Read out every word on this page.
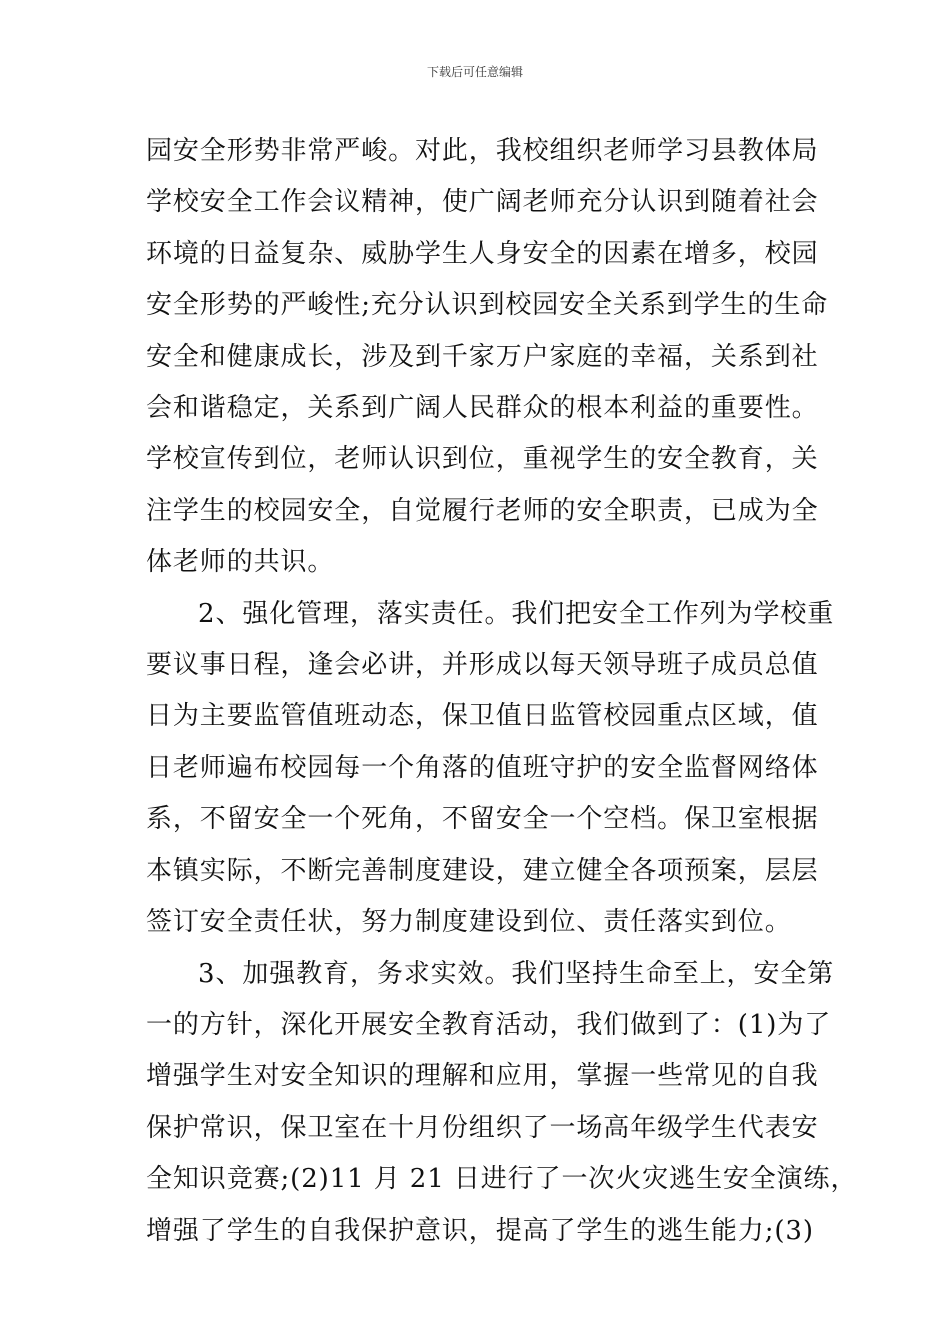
下载后可任意编辑

园安全形势非常严峻。对此，我校组织老师学习县教体局
学校安全工作会议精神，使广阔老师充分认识到随着社会
环境的日益复杂、威胁学生人身安全的因素在增多，校园
安全形势的严峻性;充分认识到校园安全关系到学生的生命
安全和健康成长，涉及到千家万户家庭的幸福，关系到社
会和谐稳定，关系到广阔人民群众的根本利益的重要性。
学校宣传到位，老师认识到位，重视学生的安全教育，关
注学生的校园安全，自觉履行老师的安全职责，已成为全
体老师的共识。

2、强化管理，落实责任。我们把安全工作列为学校重
要议事日程，逢会必讲，并形成以每天领导班子成员总值
日为主要监管值班动态，保卫值日监管校园重点区域，值
日老师遍布校园每一个角落的值班守护的安全监督网络体
系，不留安全一个死角，不留安全一个空档。保卫室根据
本镇实际，不断完善制度建设，建立健全各项预案，层层
签订安全责任状，努力制度建设到位、责任落实到位。

3、加强教育，务求实效。我们坚持生命至上，安全第
一的方针，深化开展安全教育活动，我们做到了：(1)为了
增强学生对安全知识的理解和应用，掌握一些常见的自我
保护常识，保卫室在十月份组织了一场高年级学生代表安
全知识竞赛;(2)11 月 21 日进行了一次火灾逃生安全演练，
增强了学生的自我保护意识，提高了学生的逃生能力;(3)
